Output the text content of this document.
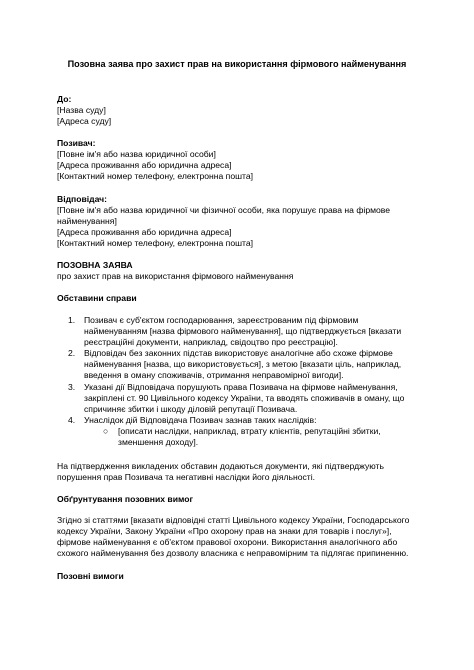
Позовна заява про захист прав на використання фірмового найменування
До:
[Назва суду]
[Адреса суду]
Позивач:
[Повне ім'я або назва юридичної особи]
[Адреса проживання або юридична адреса]
[Контактний номер телефону, електронна пошта]
Відповідач:
[Повне ім'я або назва юридичної чи фізичної особи, яка порушує права на фірмове найменування]
[Адреса проживання або юридична адреса]
[Контактний номер телефону, електронна пошта]
ПОЗОВНА ЗАЯВА
про захист прав на використання фірмового найменування
Обставини справи
1. Позивач є суб'єктом господарювання, зареєстрованим під фірмовим найменуванням [назва фірмового найменування], що підтверджується [вказати реєстраційні документи, наприклад, свідоцтво про реєстрацію].
2. Відповідач без законних підстав використовує аналогічне або схоже фірмове найменування [назва, що використовується], з метою [вказати ціль, наприклад, введення в оману споживачів, отримання неправомірної вигоди].
3. Указані дії Відповідача порушують права Позивача на фірмове найменування, закріплені ст. 90 Цивільного кодексу України, та вводять споживачів в оману, що спричиняє збитки і шкоду діловій репутації Позивача.
4. Унаслідок дій Відповідача Позивач зазнав таких наслідків:
○ [описати наслідки, наприклад, втрату клієнтів, репутаційні збитки, зменшення доходу].
На підтвердження викладених обставин додаються документи, які підтверджують порушення прав Позивача та негативні наслідки його діяльності.
Обґрунтування позовних вимог
Згідно зі статтями [вказати відповідні статті Цивільного кодексу України, Господарського кодексу України, Закону України «Про охорону прав на знаки для товарів і послуг»], фірмове найменування є об'єктом правової охорони. Використання аналогічного або схожого найменування без дозволу власника є неправомірним та підлягає припиненню.
Позовні вимоги
